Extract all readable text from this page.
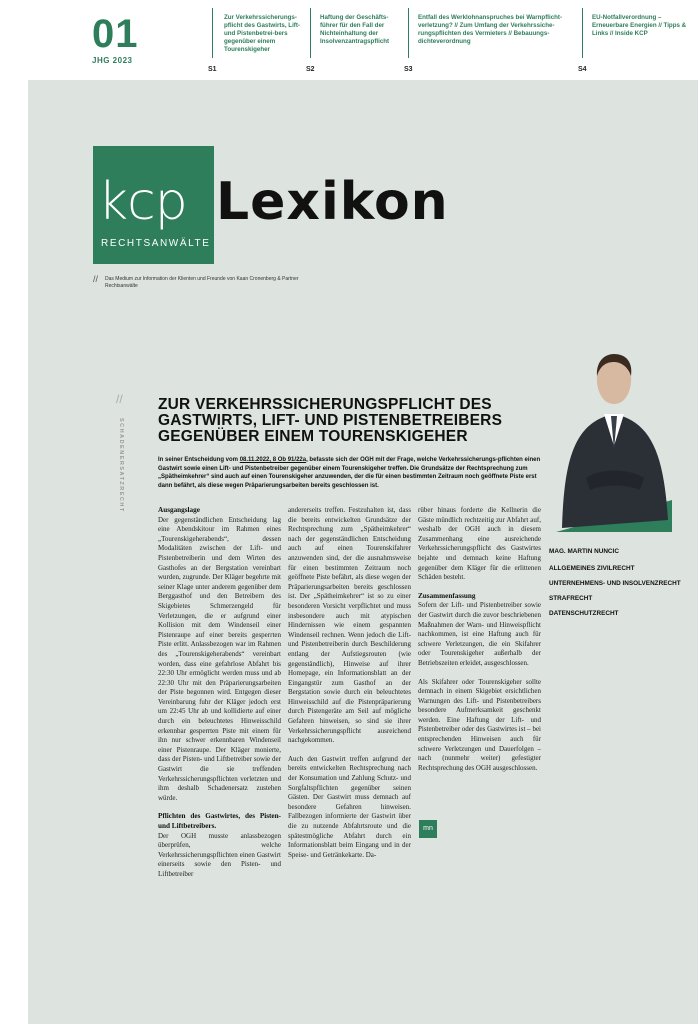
01
JHG 2023
Zur Verkehrssicherungs-pflicht des Gastwirts, Lift- und Pistenbetrei-bers gegenüber einem Tourenskigeher
S1
Haftung der Geschäfts-führer für den Fall der Nichteinhaltung der Insolvenzantragspflicht
S2
Entfall des Werklohnanspruches bei Warnpflicht-verletzung? // Zum Umfang der Verkehrssiche-rungspflichten des Vermieters // Bebauungs-dichteverordnung
S3
EU-Notfallverordnung – Erneuerbare Energien // Tipps & Links // Inside KCP
S4
kcp
RECHTSANWÄLTE
Lexikon
// Das Medium zur Information der Klienten und Freunde von Kaan Cronenberg & Partner Rechtsanwälte
//
SCHADENERSATZRECHT
ZUR VERKEHRSSICHERUNGSPFLICHT DES GASTWIRTS, LIFT- UND PISTENBETREIBERS GEGENÜBER EINEM TOURENSKIGEHER
In seiner Entscheidung vom 08.11.2022, 8 Ob 91/22a, befasste sich der OGH mit der Frage, welche Verkehrssicherungs-pflichten einen Gastwirt sowie einen Lift- und Pistenbetreiber gegenüber einem Tourenskigeher treffen. Die Grundsätze der Rechtsprechung zum „Spätheimkehrer“ sind auch auf einen Tourenskigeher anzuwenden, der die für einen bestimmten Zeitraum noch geöffnete Piste erst dann befährt, als diese wegen Präparierungsarbeiten bereits geschlossen ist.
Ausgangslage

Der gegenständlichen Entscheidung lag eine Abendskitour im Rahmen eines „Tourenskigeherabends“, dessen Modalitäten zwischen der Lift- und Pistenbetreiberin und dem Wirten des Gasthofes an der Bergstation vereinbart wurden, zugrunde. Der Kläger begehrte mit seiner Klage unter anderem gegenüber dem Berggasthof und den Betreibern des Skigebietes Schmerzengeld für Verletzungen, die er aufgrund einer Kollision mit dem Windenseil einer Pistenraupe auf einer bereits gesperrten Piste erlitt. Anlassbezogen war im Rahmen des „Tourenskigeherabends“ vereinbart worden, dass eine gefahrlose Abfahrt bis 22:30 Uhr ermöglicht werden muss und ab 22:30 Uhr mit den Präparierungsarbeiten der Piste begonnen wird. Entgegen dieser Vereinbarung fuhr der Kläger jedoch erst um 22:45 Uhr ab und kollidierte auf einer durch ein beleuchtetes Hinweisschild erkennbar gesperrten Piste mit einem für ihn nur schwer erkennbaren Windenseil einer Pistenraupe. Der Kläger monierte, dass der Pisten- und Liftbetreiber sowie der Gastwirt die sie treffenden Verkehrssicherungspflichten verletzten und ihm deshalb Schadenersatz zustehen würde.

Pflichten des Gastwirtes, des Pisten- und Liftbetreibers.

Der OGH musste anlassbezogen überprüfen, welche Verkehrssicherungspflichten einen Gastwirt einerseits sowie den Pisten- und Liftbetreiber

andererseits treffen. Festzuhalten ist, dass die bereits entwickelten Grundsätze der Rechtsprechung zum „Spätheimkehrer“ nach der gegenständlichen Entscheidung auch auf einen Tourenskifahrer anzuwenden sind, der die ausnahmsweise für einen bestimmten Zeitraum noch geöffnete Piste befährt, als diese wegen der Präparierungsarbeiten bereits geschlossen ist. Der „Spätheimkehrer“ ist so zu einer besonderen Vorsicht verpflichtet und muss insbesondere auch mit atypischen Hindernissen wie einem gespannten Windenseil rechnen. Wenn jedoch die Lift- und Pistenbetreiberin durch Beschilderung entlang der Aufstiegsrouten (wie gegenständlich), Hinweise auf ihrer Homepage, ein Informationsblatt an der Eingangstür zum Gasthof an der Bergstation sowie durch ein beleuchtetes Hinweisschild auf die Pistenpräparierung durch Pistengeräte am Seil auf mögliche Gefahren hinweisen, so sind sie ihrer Verkehrssicherungspflicht ausreichend nachgekommen.

Auch den Gastwirt treffen aufgrund der bereits entwickelten Rechtsprechung nach der Konsumation und Zahlung Schutz- und Sorgfaltspflichten gegenüber seinen Gästen. Der Gastwirt muss demnach auf besondere Gefahren hinweisen. Fallbezogen informierte der Gastwirt über die zu nutzende Abfahrtsroute und die spätestmögliche Abfahrt durch ein Informationsblatt beim Eingang und in der Speise- und Getränkekarte. Da-

rüber hinaus forderte die Kellnerin die Gäste mündlich rechtzeitig zur Abfahrt auf, weshalb der OGH auch in diesem Zusammenhang eine ausreichende Verkehrssicherungspflicht des Gastwirtes bejahte und demnach keine Haftung gegenüber dem Kläger für die erlittenen Schäden besteht.

Zusammenfassung

Sofern der Lift- und Pistenbetreiber sowie der Gastwirt durch die zuvor beschriebenen Maßnahmen der Warn- und Hinweispflicht nachkommen, ist eine Haftung auch für schwere Verletzungen, die ein Skifahrer oder Tourenskigeher außerhalb der Betriebszeiten erleidet, ausgeschlossen.

Als Skifahrer oder Tourenskigeher sollte demnach in einem Skigebiet ersichtlichen Warnungen des Lift- und Pistenbetreibers besondere Aufmerksamkeit geschenkt werden. Eine Haftung der Lift- und Pistenbetreiber oder des Gastwirtes ist – bei entsprechenden Hinweisen auch für schwere Verletzungen und Dauerfolgen – nach (nunmehr weiter) gefestigter Rechtsprechung des OGH ausgeschlossen.

mn
MAG. MARTIN NUNCIC
ALLGEMEINES ZIVILRECHT
UNTERNEHMENS- UND INSOLVENZRECHT
STRAFRECHT
DATENSCHUTZRECHT
